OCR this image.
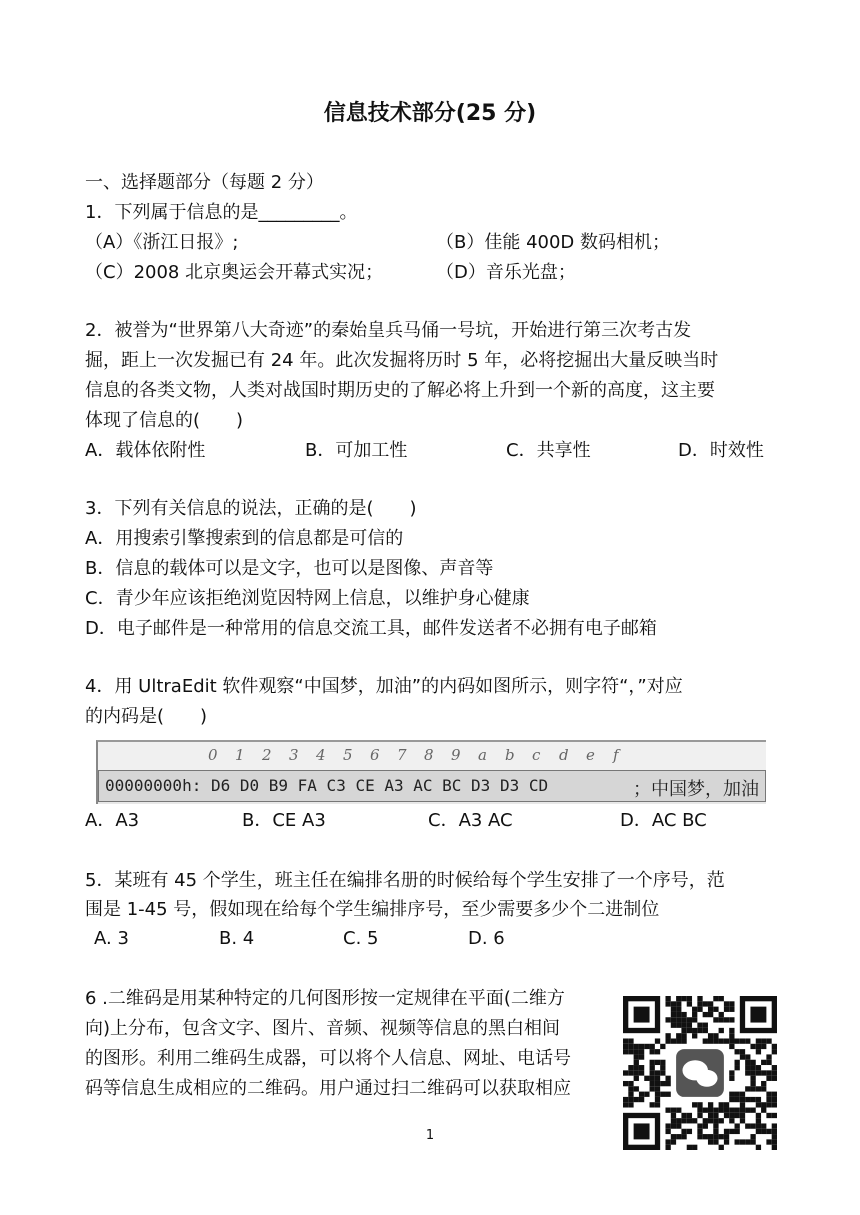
信息技术部分(25 分)
一、选择题部分（每题 2 分）
1．下列属于信息的是_________。
（A）《浙江日报》;	（B）佳能 400D 数码相机；
（C）2008 北京奥运会开幕式实况；	（D）音乐光盘；
2．被誉为“世界第八大奇迹”的秦始皇兵马俑一号坑，开始进行第三次考古发
掘，距上一次发掘已有 24 年。此次发掘将历时 5 年，必将挖掘出大量反映当时
信息的各类文物，人类对战国时期历史的了解必将上升到一个新的高度，这主要
体现了信息的(　　)
A．载体依附性	B．可加工性	C．共享性	D．时效性
3．下列有关信息的说法，正确的是(　　)
A．用搜索引擎搜索到的信息都是可信的
B．信息的载体可以是文字，也可以是图像、声音等
C．青少年应该拒绝浏览因特网上信息，以维护身心健康
D．电子邮件是一种常用的信息交流工具，邮件发送者不必拥有电子邮箱
4．用 UltraEdit 软件观察“中国梦，加油”的内码如图所示，则字符“，”对应
的内码是(　　)
0 1 2 3 4 5 6 7 8 9 a b c d e f
00000000h: D6 D0 B9 FA C3 CE A3 AC BC D3 D3 CD	；中国梦，加油
A．A3	B．CE A3	C．A3 AC	D．AC BC
5．某班有 45 个学生，班主任在编排名册的时候给每个学生安排了一个序号，范
围是 1-45 号，假如现在给每个学生编排序号，至少需要多少个二进制位
A. 3	B. 4	C. 5	D. 6
6 .二维码是用某种特定的几何图形按一定规律在平面(二维方
向)上分布，包含文字、图片、音频、视频等信息的黑白相间
的图形。利用二维码生成器，可以将个人信息、网址、电话号
码等信息生成相应的二维码。用户通过扫二维码可以获取相应
1
